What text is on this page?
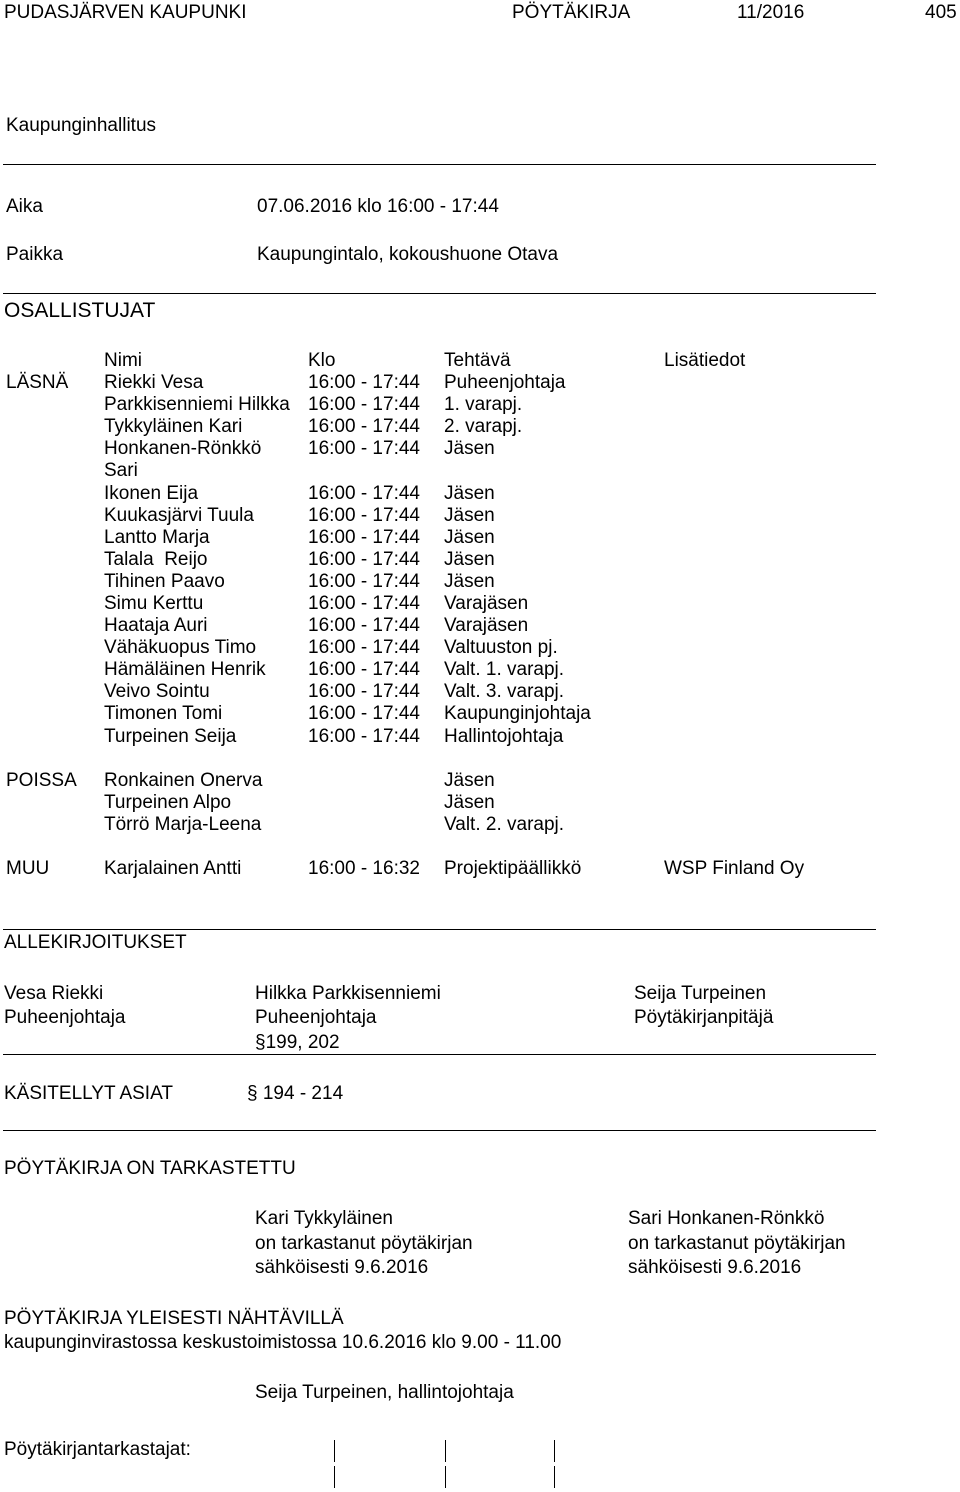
PUDASJÄRVEN KAUPUNKI	PÖYTÄKIRJA	11/2016	405
Kaupunginhallitus
Aika	07.06.2016 klo 16:00 - 17:44
Paikka	Kaupungintalo, kokoushuone Otava
OSALLISTUJAT
Nimi	Klo	Tehtävä	Lisätiedot
LÄSNÄ Riekki Vesa	16:00 - 17:44 Puheenjohtaja
Parkkisenniemi Hilkka 16:00 - 17:44 1. varapj.
Tykkyläinen Kari	16:00 - 17:44 2. varapj.
Honkanen-Rönkkö 16:00 - 17:44 Jäsen
Sari
Ikonen Eija	16:00 - 17:44 Jäsen
Kuukasjärvi Tuula	16:00 - 17:44 Jäsen
Lantto Marja	16:00 - 17:44 Jäsen
Talala  Reijo	16:00 - 17:44 Jäsen
Tihinen Paavo	16:00 - 17:44 Jäsen
Simu Kerttu	16:00 - 17:44 Varajäsen
Haataja Auri	16:00 - 17:44 Varajäsen
Vähäkuopus Timo	16:00 - 17:44 Valtuuston pj.
Hämäläinen Henrik 16:00 - 17:44 Valt. 1. varapj.
Veivo Sointu	16:00 - 17:44 Valt. 3. varapj.
Timonen Tomi	16:00 - 17:44 Kaupunginjohtaja
Turpeinen Seija	16:00 - 17:44 Hallintojohtaja
POISSA Ronkainen Onerva	Jäsen
Turpeinen Alpo	Jäsen
Törrö Marja-Leena	Valt. 2. varapj.
MUU	Karjalainen Antti	16:00 - 16:32 Projektipäällikkö	WSP Finland Oy
ALLEKIRJOITUKSET
Vesa Riekki
Puheenjohtaja
Hilkka Parkkisenniemi
Puheenjohtaja
§199, 202
Seija Turpeinen
Pöytäkirjanpitäjä
KÄSITELLYT ASIAT	§ 194 - 214
PÖYTÄKIRJA ON TARKASTETTU
Kari Tykkyläinen
on tarkastanut pöytäkirjan
sähköisesti 9.6.2016
Sari Honkanen-Rönkkö
on tarkastanut pöytäkirjan
sähköisesti 9.6.2016
PÖYTÄKIRJA YLEISESTI NÄHTÄVILLÄ
kaupunginvirastossa keskustoimistossa 10.6.2016 klo 9.00 - 11.00
Seija Turpeinen, hallintojohtaja
Pöytäkirjantarkastajat:
